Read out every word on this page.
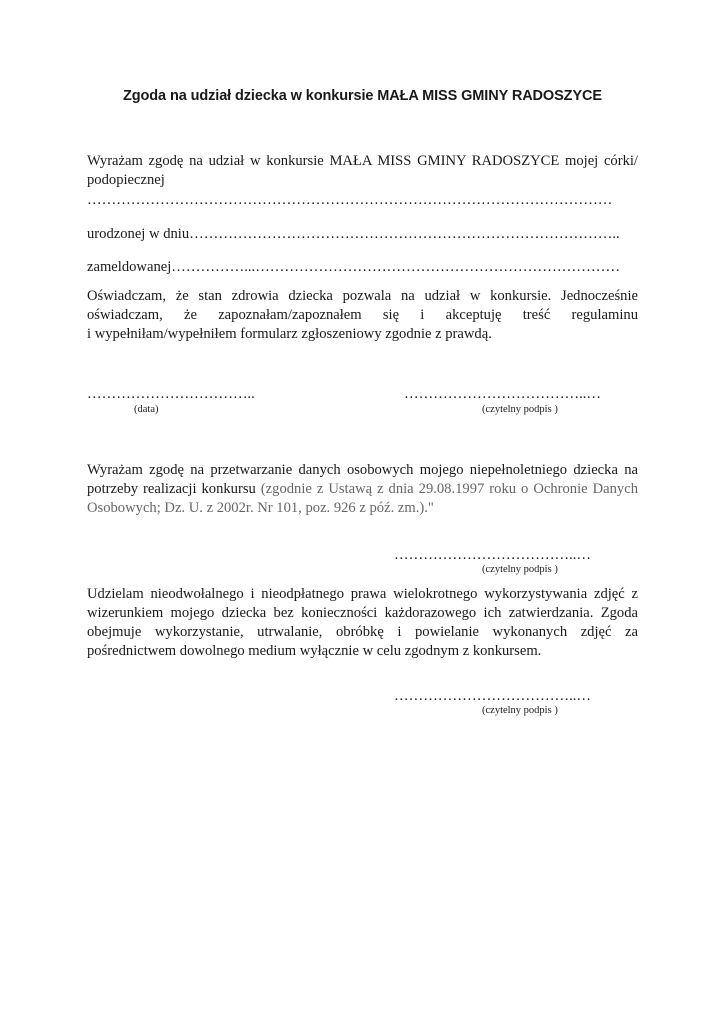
Zgoda na udział dziecka w konkursie MAŁA MISS GMINY RADOSZYCE
Wyrażam zgodę na udział w konkursie MAŁA MISS GMINY RADOSZYCE mojej córki/
podopiecznej
………………………………………………………………………………………………
urodzonej w dniu……………………………………………………………………………..
zameldowanej……………...…………………………………………………………………
Oświadczam, że stan zdrowia dziecka pozwala na udział w konkursie. Jednocześnie
oświadczam, że zapoznałam/zapoznałem się i akceptuję treść regulaminu
i wypełniłam/wypełniłem formularz zgłoszeniowy zgodnie z prawdą.
……………………………..
(data)
………………………………..…
(czytelny podpis )
Wyrażam zgodę na przetwarzanie danych osobowych mojego niepełnoletniego dziecka na potrzeby realizacji konkursu (zgodnie z Ustawą z dnia 29.08.1997 roku o Ochronie Danych Osobowych; Dz. U. z 2002r. Nr 101, poz. 926 z póź. zm.)."
………………………………..…
(czytelny podpis )
Udzielam nieodwołalnego i nieodpłatnego prawa wielokrotnego wykorzystywania zdjęć z wizerunkiem mojego dziecka bez konieczności każdorazowego ich zatwierdzania. Zgoda obejmuje wykorzystanie, utrwalanie, obróbkę i powielanie wykonanych zdjęć za pośrednictwem dowolnego medium wyłącznie w celu zgodnym z konkursem.
………………………………..…
(czytelny podpis )
